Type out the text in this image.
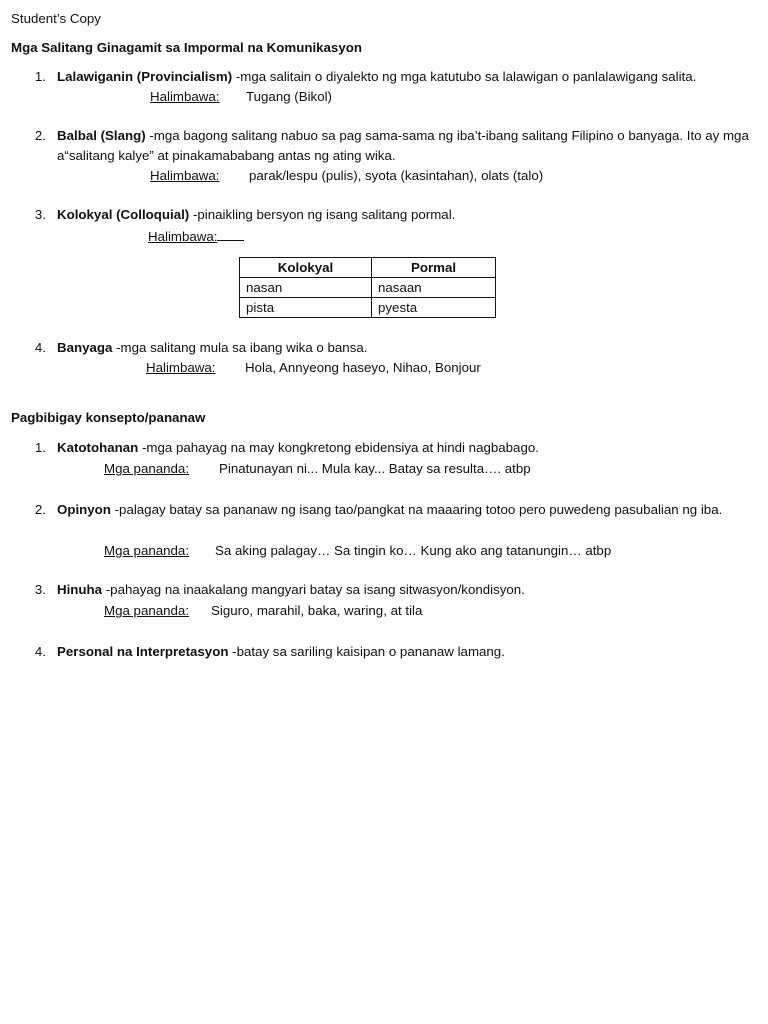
Student’s Copy
Mga Salitang Ginagamit sa Impormal na Komunikasyon
1. Lalawiganin (Provincialism) -mga salitain o diyalekto ng mga katutubo sa lalawigan o panlalawigang salita.
Halimbawa: Tugang (Bikol)
2. Balbal (Slang) -mga bagong salitang nabuo sa pag sama-sama ng iba’t-ibang salitang Filipino o banyaga. Ito ay mga a“salitang kalye” at pinakamababang antas ng ating wika.
Halimbawa: parak/lespu (pulis), syota (kasintahan), olats (talo)
3. Kolokyal (Colloquial) -pinaikling bersyon ng isang salitang pormal.
Halimbawa:
Kolokyal	Pormal
nasan	nasaan
pista	pyesta
4. Banyaga -mga salitang mula sa ibang wika o bansa.
Halimbawa: Hola, Annyeong haseyo, Nihao, Bonjour
Pagbibigay konsepto/pananaw
1. Katotohanan -mga pahayag na may kongkretong ebidensiya at hindi nagbabago.
Mga pananda: Pinatunayan ni... Mula kay... Batay sa resulta…. atbp
2. Opinyon -palagay batay sa pananaw ng isang tao/pangkat na maaaring totoo pero puwedeng pasubalian ng iba.
Mga pananda: Sa aking palagay… Sa tingin ko… Kung ako ang tatanungin… atbp
3. Hinuha -pahayag na inaakalang mangyari batay sa isang sitwasyon/kondisyon.
Mga pananda: Siguro, marahil, baka, waring, at tila
4. Personal na Interpretasyon -batay sa sariling kaisipan o pananaw lamang.
